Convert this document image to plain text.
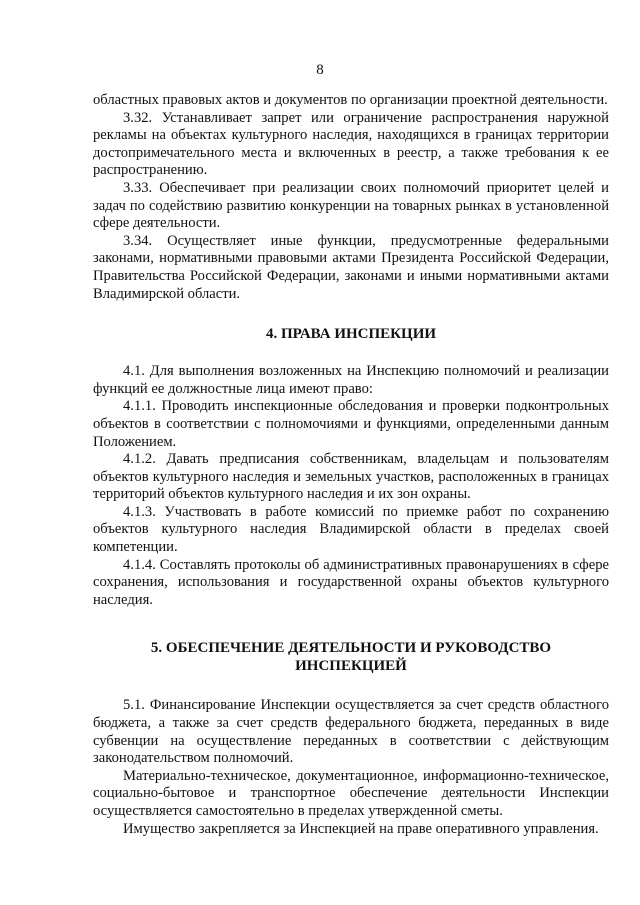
8

областных правовых актов и документов по организации проектной деятельности.

3.32. Устанавливает запрет или ограничение распространения наружной рекламы на объектах культурного наследия, находящихся в границах территории достопримечательного места и включенных в реестр, а также требования к ее распространению.

3.33. Обеспечивает при реализации своих полномочий приоритет целей и задач по содействию развитию конкуренции на товарных рынках в установленной сфере деятельности.

3.34. Осуществляет иные функции, предусмотренные федеральными законами, нормативными правовыми актами Президента Российской Федерации, Правительства Российской Федерации, законами и иными нормативными актами Владимирской области.

4. ПРАВА ИНСПЕКЦИИ

4.1. Для выполнения возложенных на Инспекцию полномочий и реализации функций ее должностные лица имеют право:

4.1.1. Проводить инспекционные обследования и проверки подконтрольных объектов в соответствии с полномочиями и функциями, определенными данным Положением.

4.1.2. Давать предписания собственникам, владельцам и пользователям объектов культурного наследия и земельных участков, расположенных в границах территорий объектов культурного наследия и их зон охраны.

4.1.3. Участвовать в работе комиссий по приемке работ по сохранению объектов культурного наследия Владимирской области в пределах своей компетенции.

4.1.4. Составлять протоколы об административных правонарушениях в сфере сохранения, использования и государственной охраны объектов культурного наследия.

5. ОБЕСПЕЧЕНИЕ ДЕЯТЕЛЬНОСТИ И РУКОВОДСТВО

ИНСПЕКЦИЕЙ

5.1. Финансирование Инспекции осуществляется за счет средств областного бюджета, а также за счет средств федерального бюджета, переданных в виде субвенции на осуществление переданных в соответствии с действующим законодательством полномочий.

Материально-техническое, документационное, информационно-техническое, социально-бытовое и транспортное обеспечение деятельности Инспекции осуществляется самостоятельно в пределах утвержденной сметы.

Имущество закрепляется за Инспекцией на праве оперативного управления.
